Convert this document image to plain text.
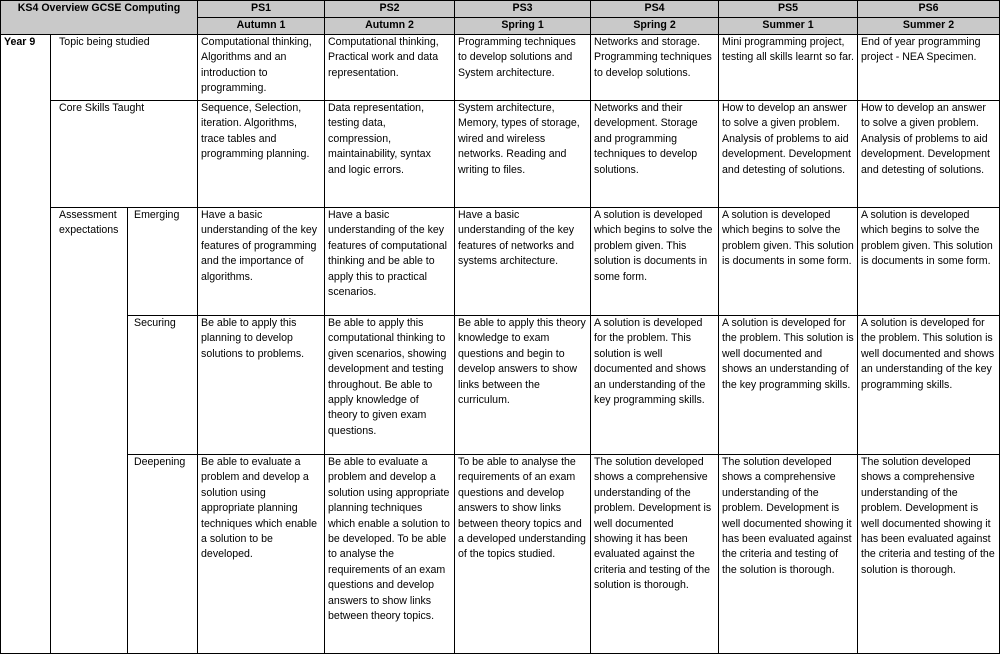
KS4 Overview GCSE Computing			PS1	PS2	PS3	PS4	PS5	PS6
			Autumn 1	Autumn 2	Spring 1	Spring 2	Summer 1	Summer 2
Year 9	Topic being studied		Computational thinking, Algorithms and an introduction to programming.	Computational thinking, Practical work and data representation.	Programming techniques to develop solutions and System architecture.	Networks and storage. Programming techniques to develop solutions.	Mini programming project, testing all skills learnt so far.	End of year programming project - NEA Specimen.
	Core Skills Taught		Sequence, Selection, iteration. Algorithms, trace tables and programming planning.	Data representation, testing data, compression, maintainability, syntax and logic errors.	System architecture, Memory, types of storage, wired and wireless networks. Reading and writing to files.	Networks and their development. Storage and programming techniques to develop solutions.	How to develop an answer to solve a given problem. Analysis of problems to aid development. Development and detesting of solutions.	How to develop an answer to solve a given problem. Analysis of problems to aid development. Development and detesting of solutions.
	Assessment expectations	Emerging	Have a basic understanding of the key features of programming and the importance of algorithms.	Have a basic understanding of the key features of computational thinking and be able to apply this to practical scenarios.	Have a basic understanding of the key features of networks and systems architecture.	A solution is developed which begins to solve the problem given. This solution is documents in some form.	A solution is developed which begins to solve the problem given. This solution is documents in some form.	A solution is developed which begins to solve the problem given. This solution is documents in some form.
		Securing	Be able to apply this planning to develop solutions to problems.	Be able to apply this computational thinking to given scenarios, showing development and testing throughout. Be able to apply knowledge of theory to given exam questions.	Be able to apply this theory knowledge to exam questions and begin to develop answers to show links between the curriculum.	A solution is developed for the problem. This solution is well documented and shows an understanding of the key programming skills.	A solution is developed for the problem. This solution is well documented and shows an understanding of the key programming skills.	A solution is developed for the problem. This solution is well documented and shows an understanding of the key programming skills.
		Deepening	Be able to evaluate a problem and develop a solution using appropriate planning techniques which enable a solution to be developed.	Be able to evaluate a problem and develop a solution using appropriate planning techniques which enable a solution to be developed. To be able to analyse the requirements of an exam questions and develop answers to show links between theory topics.	To be able to analyse the requirements of an exam questions and develop answers to show links between theory topics and a developed understanding of the topics studied.	The solution developed shows a comprehensive understanding of the problem. Development is well documented showing it has been evaluated against the criteria and testing of the solution is thorough.	The solution developed shows a comprehensive understanding of the problem. Development is well documented showing it has been evaluated against the criteria and testing of the solution is thorough.	The solution developed shows a comprehensive understanding of the problem. Development is well documented showing it has been evaluated against the criteria and testing of the solution is thorough.
